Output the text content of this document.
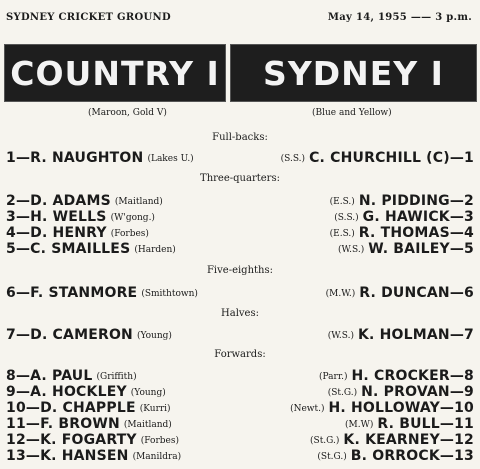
SYDNEY CRICKET GROUND	May 14, 1955 —— 3 p.m.
COUNTRY I SYDNEY I
(Maroon, Gold V)	(Blue and Yellow)
Full-backs:
1—R. NAUGHTON (Lakes U.)	(S.S.) C. CHURCHILL (C)—1
Three-quarters:
2—D. ADAMS (Maitland)	(E.S.) N. PIDDING—2
3—H. WELLS (W'gong.)	(S.S.) G. HAWICK—3
4—D. HENRY (Forbes)	(E.S.) R. THOMAS—4
5—C. SMAILLES (Harden)	(W.S.) W. BAILEY—5
Five-eighths:
6—F. STANMORE (Smithtown)	(M.W.) R. DUNCAN—6
Halves:
7—D. CAMERON (Young)	(W.S.) K. HOLMAN—7
Forwards:
8—A. PAUL (Griffith)	(Parr.) H. CROCKER—8
9—A. HOCKLEY (Young)	(St.G.) N. PROVAN—9
10—D. CHAPPLE (Kurri)	(Newt.) H. HOLLOWAY—10
11—F. BROWN (Maitland)	(M.W) R. BULL—11
12—K. FOGARTY (Forbes)	(St.G.) K. KEARNEY—12
13—K. HANSEN (Manildra)	(St.G.) B. ORROCK—13
